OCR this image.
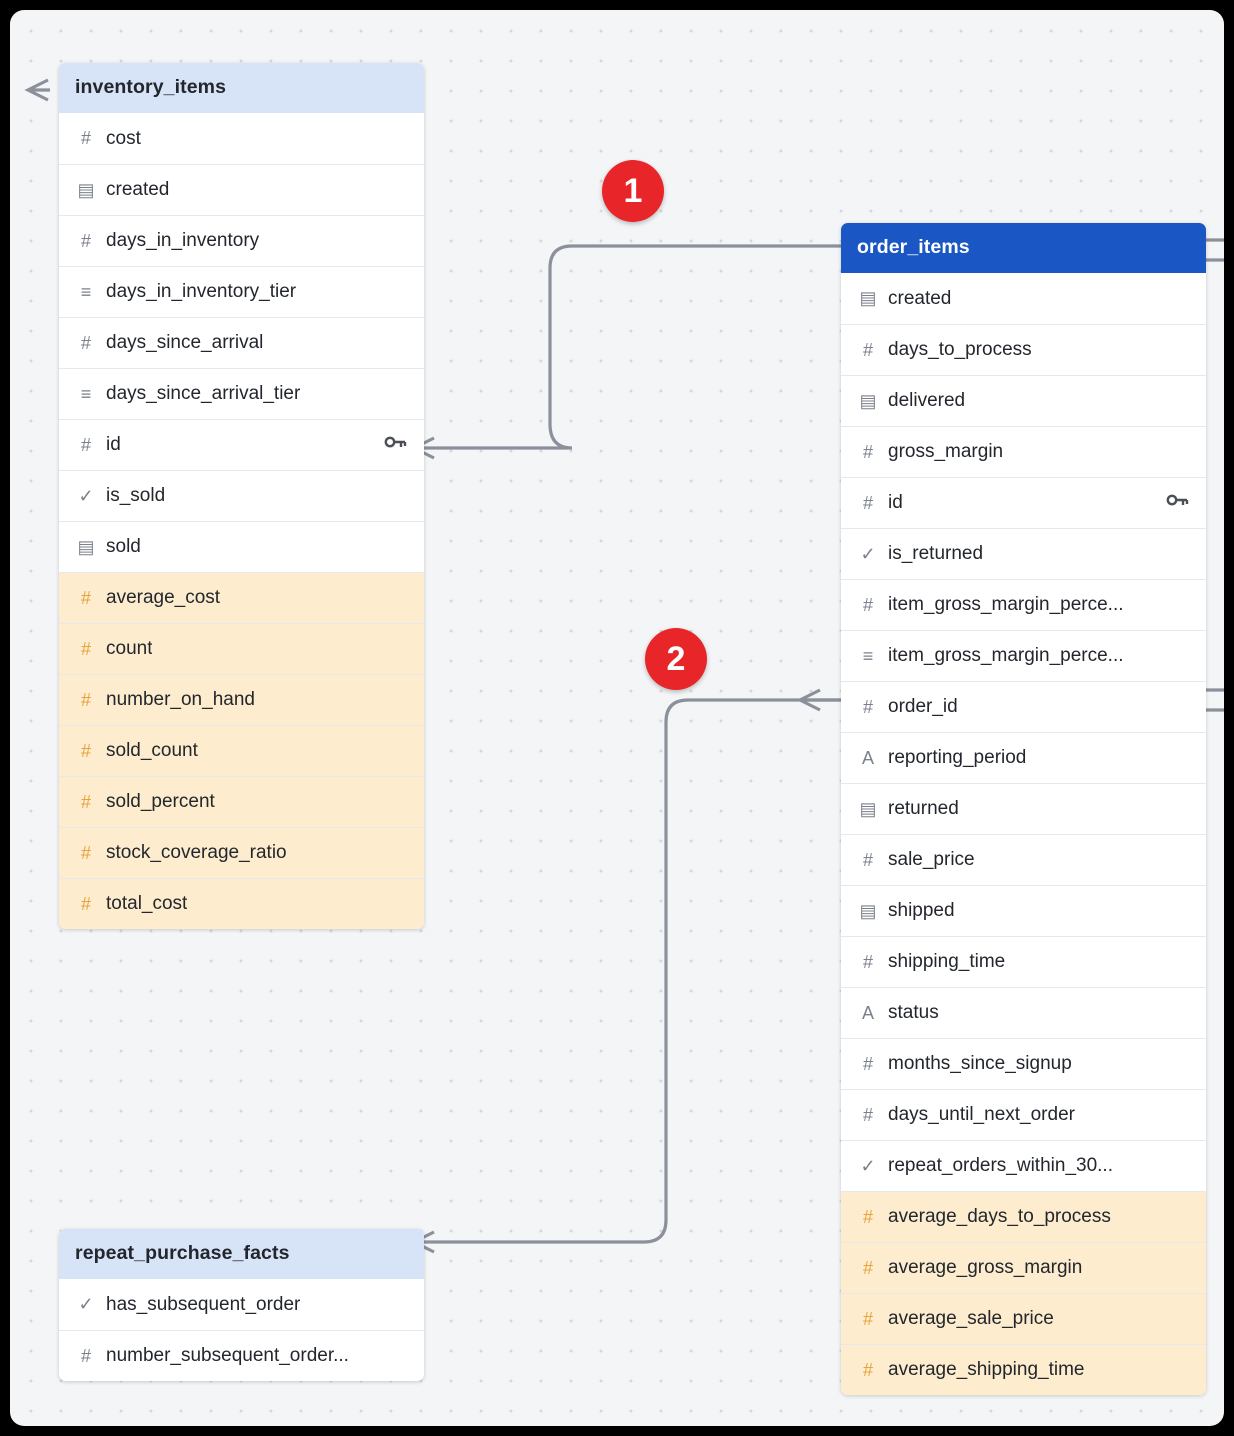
inventory_items
# cost
▤ created
# days_in_inventory
≡ days_in_inventory_tier
# days_since_arrival
≡ days_since_arrival_tier
# id
✓ is_sold
▤ sold
# average_cost
# count
# number_on_hand
# sold_count
# sold_percent
# stock_coverage_ratio
# total_cost
order_items
▤ created
# days_to_process
▤ delivered
# gross_margin
# id
✓ is_returned
# item_gross_margin_perce...
≡ item_gross_margin_perce...
# order_id
A reporting_period
▤ returned
# sale_price
▤ shipped
# shipping_time
A status
# months_since_signup
# days_until_next_order
✓ repeat_orders_within_30...
# average_days_to_process
# average_gross_margin
# average_sale_price
# average_shipping_time
repeat_purchase_facts
✓ has_subsequent_order
# number_subsequent_order...
1
2
